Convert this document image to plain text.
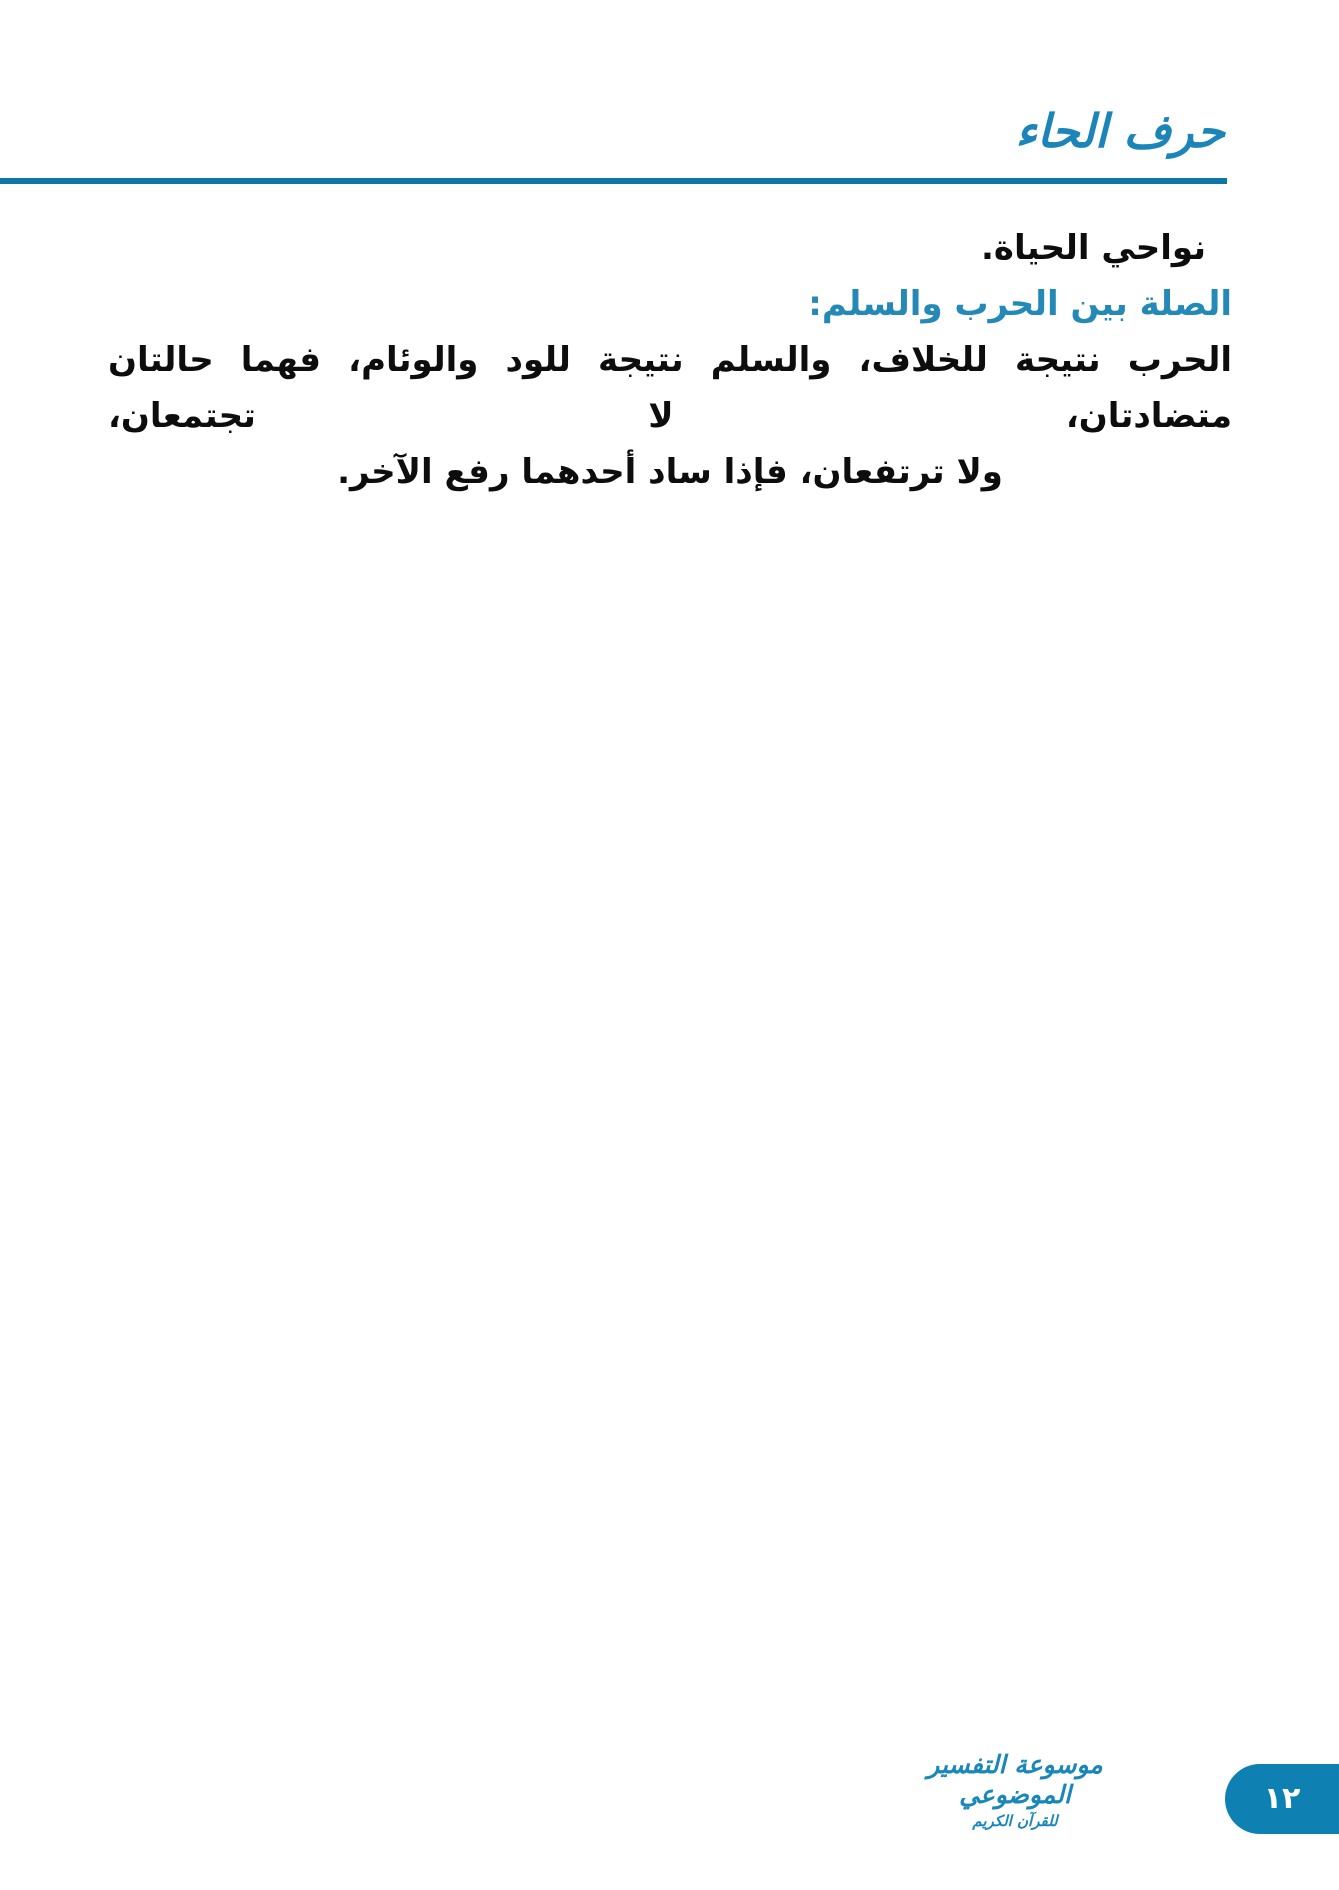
حرف الحاء
نواحي الحياة.
الصلة بين الحرب والسلم:
الحرب نتيجة للخلاف، والسلم نتيجة للود والوئام، فهما حالتان متضادتان، لا تجتمعان،
ولا ترتفعان، فإذا ساد أحدهما رفع الآخر.
موسوعة التفسير الموضوعي
للقرآن الكريم
١٢
